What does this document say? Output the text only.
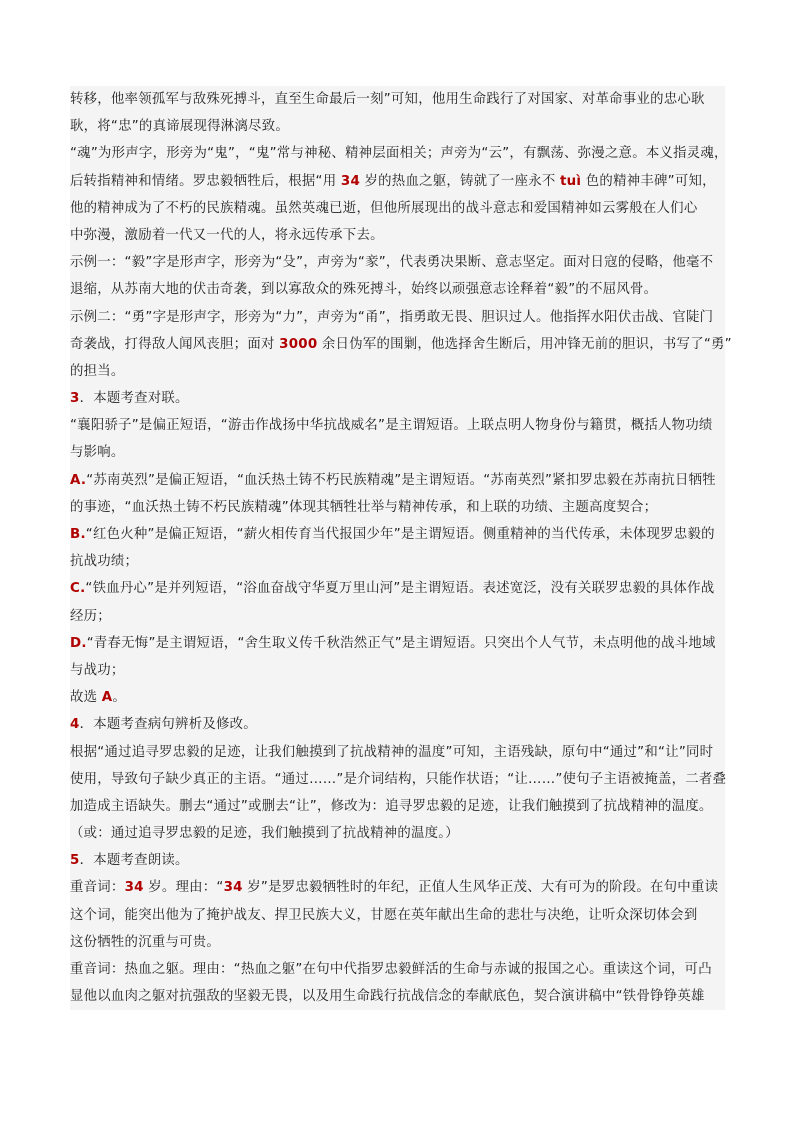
转移，他率领孤军与敌殊死搏斗，直至生命最后一刻”可知，他用生命践行了对国家、对革命事业的忠心耿
耿，将“忠”的真谛展现得淋漓尽致。
“魂”为形声字，形旁为“鬼”，“鬼”常与神秘、精神层面相关；声旁为“云”，有飘荡、弥漫之意。本义指灵魂，
后转指精神和情绪。罗忠毅牺牲后，根据“用 34 岁的热血之躯，铸就了一座永不 tuì 色的精神丰碑”可知，
他的精神成为了不朽的民族精魂。虽然英魂已逝，但他所展现出的战斗意志和爱国精神如云雾般在人们心
中弥漫，激励着一代又一代的人，将永远传承下去。
示例一：“毅”字是形声字，形旁为“殳”，声旁为“豙”，代表勇决果断、意志坚定。面对日寇的侵略，他毫不
退缩，从苏南大地的伏击奇袭，到以寡敌众的殊死搏斗，始终以顽强意志诠释着“毅”的不屈风骨。
示例二：“勇”字是形声字，形旁为“力”，声旁为“甬”，指勇敢无畏、胆识过人。他指挥水阳伏击战、官陡门
奇袭战，打得敌人闻风丧胆；面对 3000 余日伪军的围剿，他选择舍生断后，用冲锋无前的胆识，书写了“勇”
的担当。
3．本题考查对联。
“襄阳骄子”是偏正短语，“游击作战扬中华抗战威名”是主谓短语。上联点明人物身份与籍贯，概括人物功绩
与影响。
A.“苏南英烈”是偏正短语，“血沃热土铸不朽民族精魂”是主谓短语。“苏南英烈”紧扣罗忠毅在苏南抗日牺牲
的事迹，“血沃热土铸不朽民族精魂”体现其牺牲壮举与精神传承，和上联的功绩、主题高度契合；
B.“红色火种”是偏正短语，“薪火相传育当代报国少年”是主谓短语。侧重精神的当代传承，未体现罗忠毅的
抗战功绩；
C.“铁血丹心”是并列短语，“浴血奋战守华夏万里山河”是主谓短语。表述宽泛，没有关联罗忠毅的具体作战
经历；
D.“青春无悔”是主谓短语，“舍生取义传千秋浩然正气”是主谓短语。只突出个人气节，未点明他的战斗地域
与战功；
故选 A。
4．本题考查病句辨析及修改。
根据“通过追寻罗忠毅的足迹，让我们触摸到了抗战精神的温度”可知，主语残缺，原句中“通过”和“让”同时
使用，导致句子缺少真正的主语。“通过……”是介词结构，只能作状语；“让……”使句子主语被掩盖，二者叠
加造成主语缺失。删去“通过”或删去“让”，修改为：追寻罗忠毅的足迹，让我们触摸到了抗战精神的温度。
（或：通过追寻罗忠毅的足迹，我们触摸到了抗战精神的温度。）
5．本题考查朗读。
重音词：34 岁。理由：“34 岁”是罗忠毅牺牲时的年纪，正值人生风华正茂、大有可为的阶段。在句中重读
这个词，能突出他为了掩护战友、捍卫民族大义，甘愿在英年献出生命的悲壮与决绝，让听众深切体会到
这份牺牲的沉重与可贵。
重音词：热血之躯。理由：“热血之躯”在句中代指罗忠毅鲜活的生命与赤诚的报国之心。重读这个词，可凸
显他以血肉之躯对抗强敌的坚毅无畏，以及用生命践行抗战信念的奉献底色，契合演讲稿中“铁骨铮铮英雄
